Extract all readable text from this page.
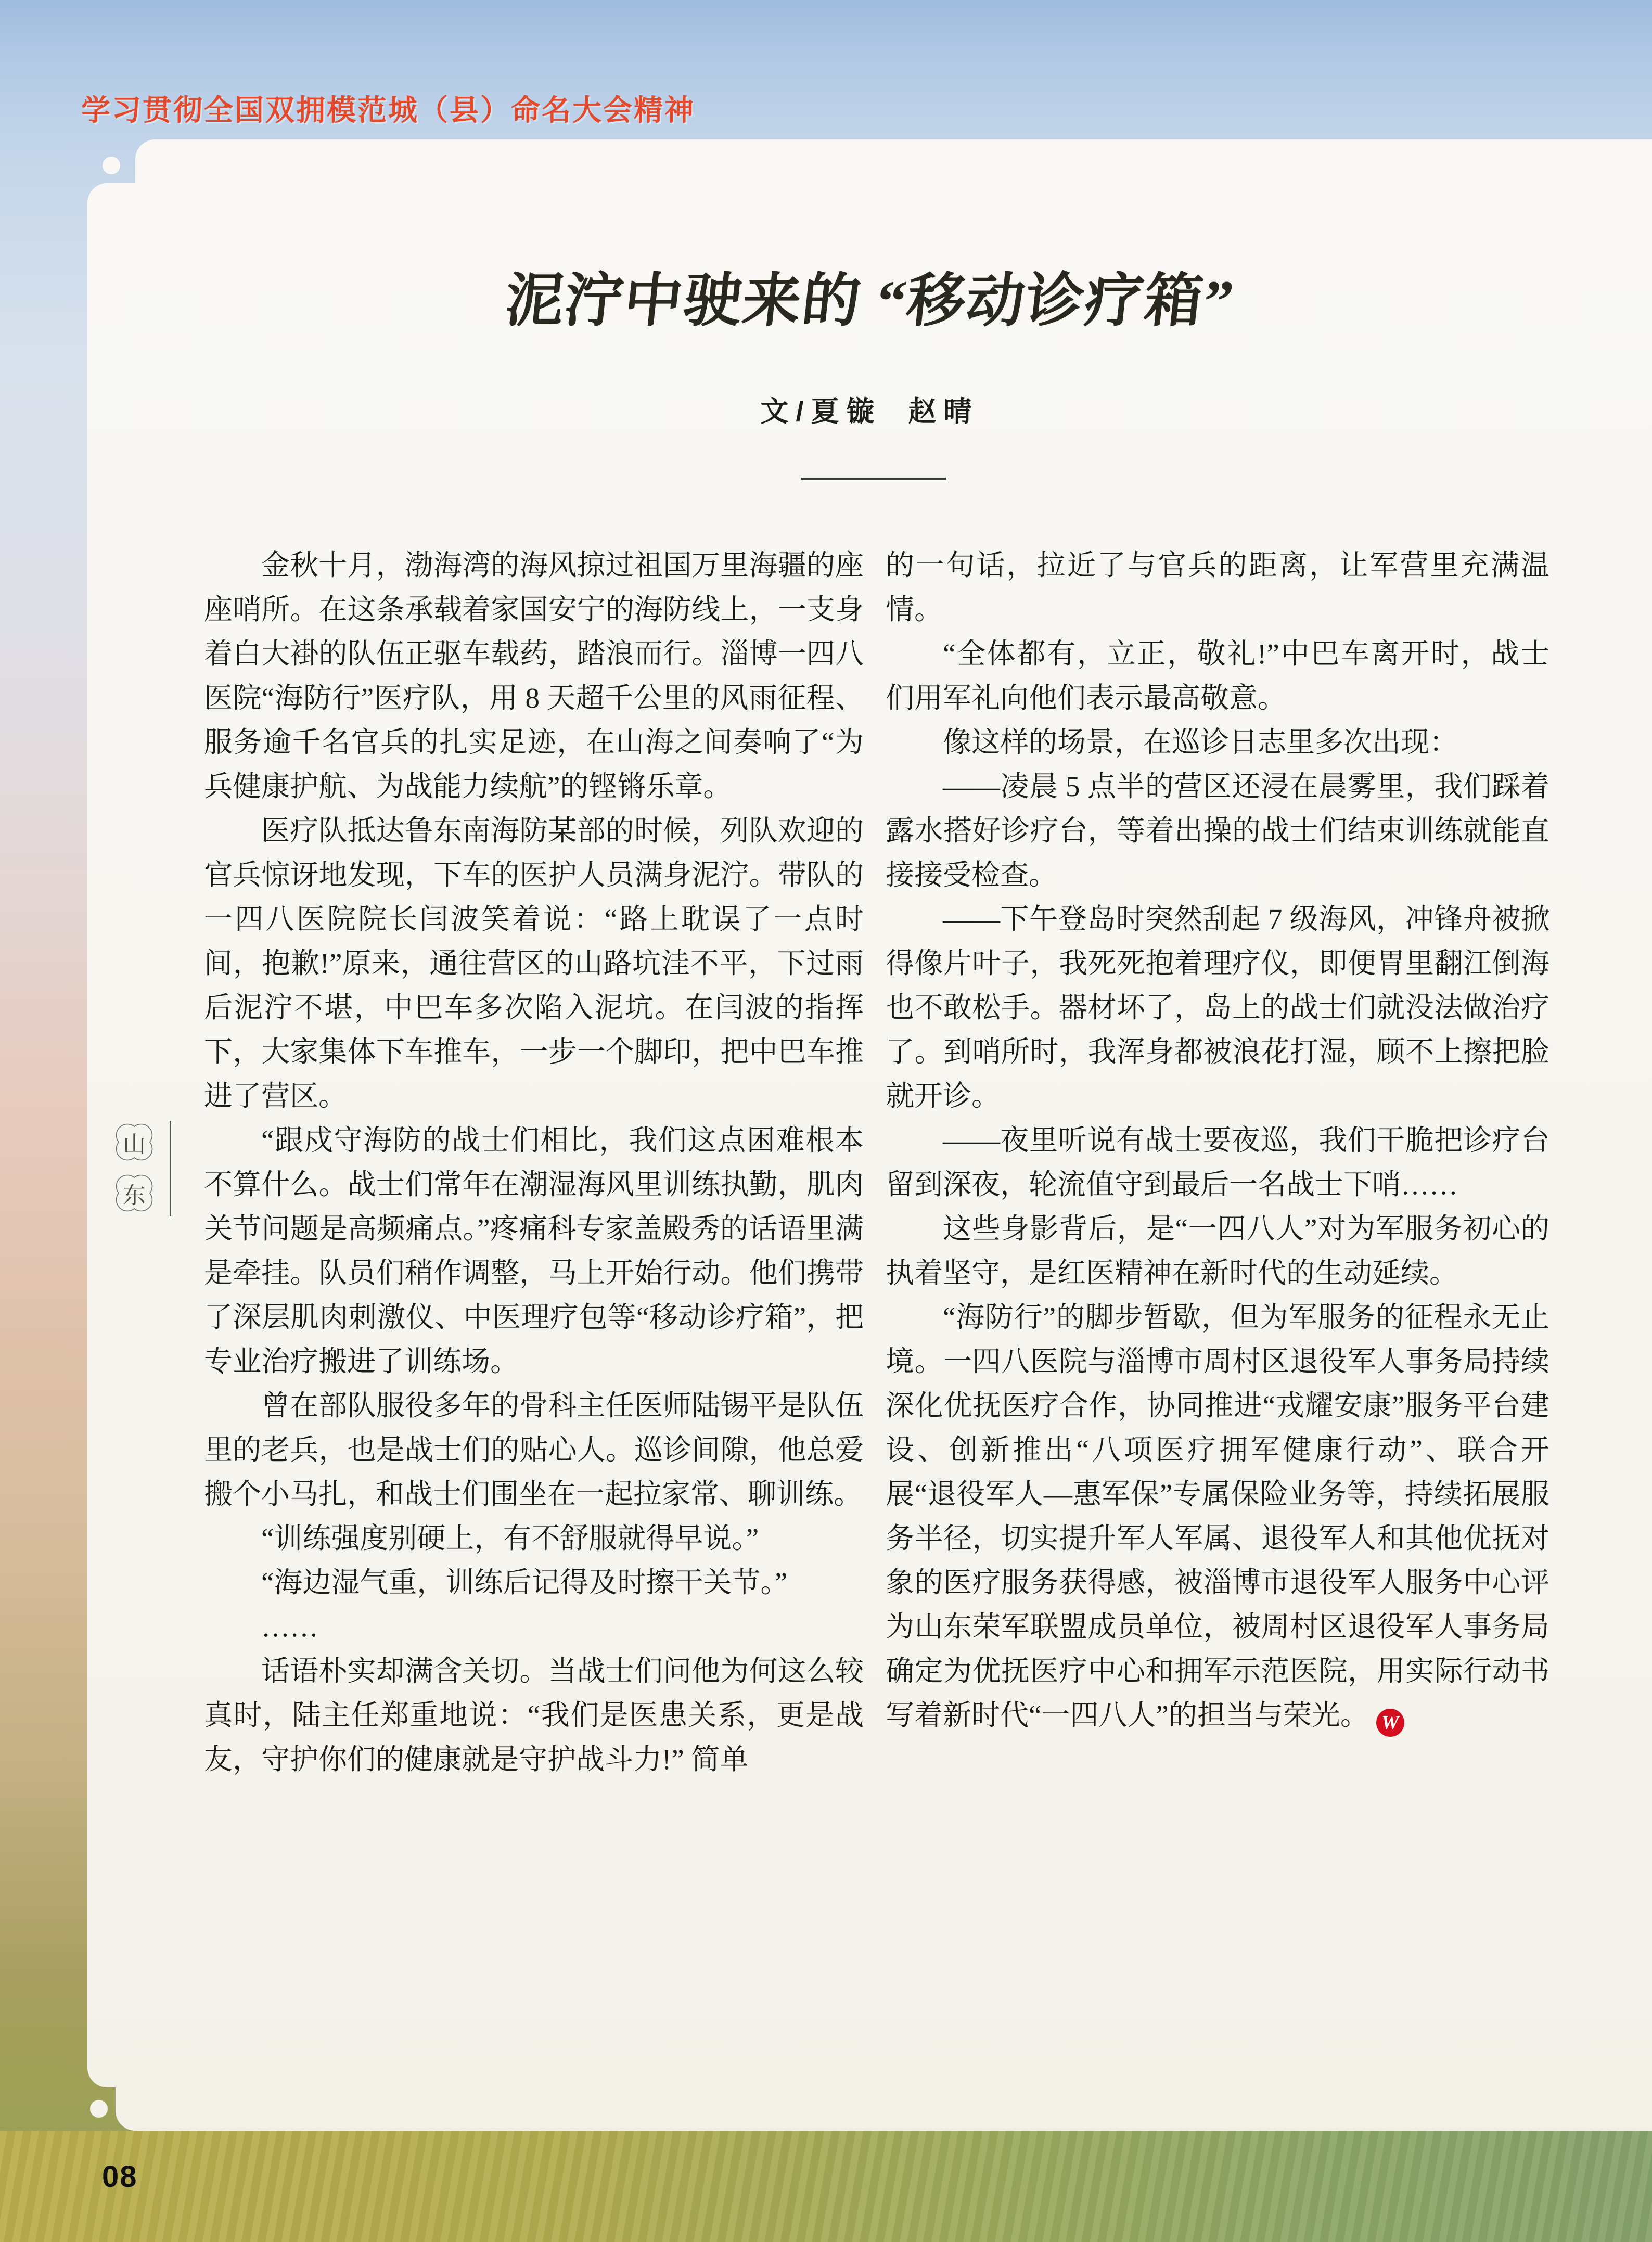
学习贯彻全国双拥模范城（县）命名大会精神
泥泞中驶来的 “移动诊疗箱”
文/夏镟 赵晴

金秋十月，渤海湾的海风掠过祖国万里海疆的座座哨所。在这条承载着家国安宁的海防线上，一支身着白大褂的队伍正驱车载药，踏浪而行。淄博一四八医院“海防行”医疗队，用 8 天超千公里的风雨征程、服务逾千名官兵的扎实足迹，在山海之间奏响了“为兵健康护航、为战能力续航”的铿锵乐章。

医疗队抵达鲁东南海防某部的时候，列队欢迎的官兵惊讶地发现，下车的医护人员满身泥泞。带队的一四八医院院长闫波笑着说：“路上耽误了一点时间，抱歉!”原来，通往营区的山路坑洼不平，下过雨后泥泞不堪，中巴车多次陷入泥坑。在闫波的指挥下，大家集体下车推车，一步一个脚印，把中巴车推进了营区。

“跟戍守海防的战士们相比，我们这点困难根本不算什么。战士们常年在潮湿海风里训练执勤，肌肉关节问题是高频痛点。”疼痛科专家盖殿秀的话语里满是牵挂。队员们稍作调整，马上开始行动。他们携带了深层肌肉刺激仪、中医理疗包等“移动诊疗箱”，把专业治疗搬进了训练场。

曾在部队服役多年的骨科主任医师陆锡平是队伍里的老兵，也是战士们的贴心人。巡诊间隙，他总爱搬个小马扎，和战士们围坐在一起拉家常、聊训练。

“训练强度别硬上，有不舒服就得早说。”

“海边湿气重，训练后记得及时擦干关节。”

……

话语朴实却满含关切。当战士们问他为何这么较真时，陆主任郑重地说：“我们是医患关系，更是战友，守护你们的健康就是守护战斗力!” 简单

的一句话，拉近了与官兵的距离，让军营里充满温情。

“全体都有，立正，敬礼!”中巴车离开时，战士们用军礼向他们表示最高敬意。

像这样的场景，在巡诊日志里多次出现：

——凌晨 5 点半的营区还浸在晨雾里，我们踩着露水搭好诊疗台，等着出操的战士们结束训练就能直接接受检查。

——下午登岛时突然刮起 7 级海风，冲锋舟被掀得像片叶子，我死死抱着理疗仪，即便胃里翻江倒海也不敢松手。器材坏了，岛上的战士们就没法做治疗了。到哨所时，我浑身都被浪花打湿，顾不上擦把脸就开诊。

——夜里听说有战士要夜巡，我们干脆把诊疗台留到深夜，轮流值守到最后一名战士下哨……

这些身影背后，是“一四八人”对为军服务初心的执着坚守，是红医精神在新时代的生动延续。

“海防行”的脚步暂歇，但为军服务的征程永无止境。一四八医院与淄博市周村区退役军人事务局持续深化优抚医疗合作，协同推进“戎耀安康”服务平台建设、创新推出“八项医疗拥军健康行动”、联合开展“退役军人—惠军保”专属保险业务等，持续拓展服务半径，切实提升军人军属、退役军人和其他优抚对象的医疗服务获得感，被淄博市退役军人服务中心评为山东荣军联盟成员单位，被周村区退役军人事务局确定为优抚医疗中心和拥军示范医院，用实际行动书写着新时代“一四八人”的担当与荣光。 W

山
东
08
